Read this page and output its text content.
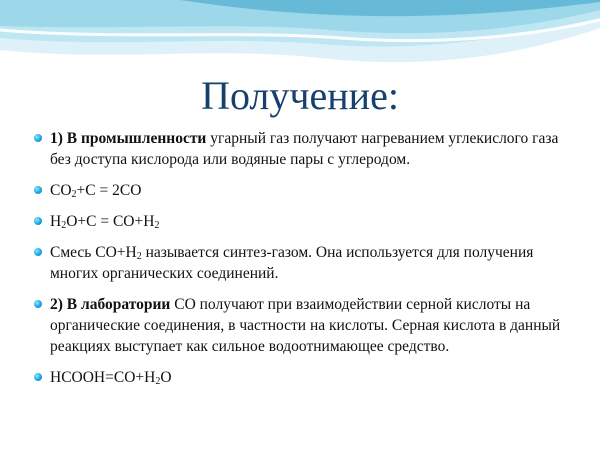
Получение:
1) В промышленности угарный газ получают нагреванием углекислого газа без доступа кислорода или водяные пары с углеродом.
$CO_2+C = 2CO$
$H_2O+C = CO+H_2$
Смесь $CO+H_2$ называется синтез-газом. Она используется для получения многих органических соединений.
2) В лаборатории CO получают при взаимодействии серной кислоты на органические соединения, в частности на кислоты. Серная кислота в данный реакциях выступает как сильное водоотнимающее средство.
$HCOOH=CO+H_2O$
